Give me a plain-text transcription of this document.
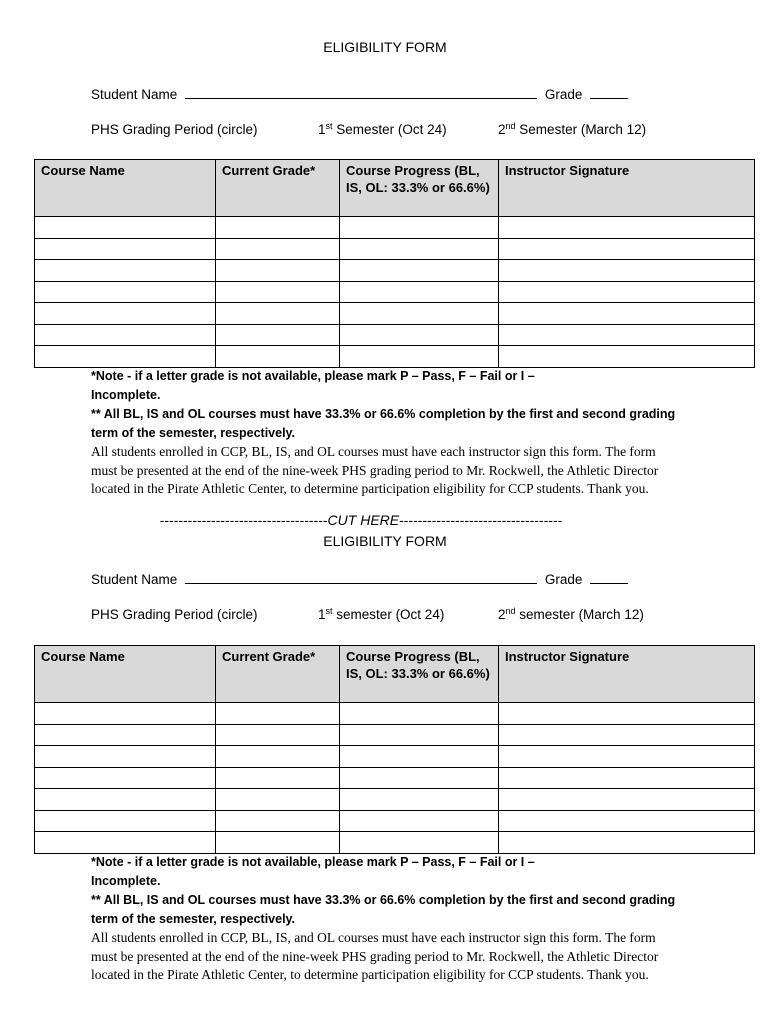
ELIGIBILITY FORM
Student Name	Grade
PHS Grading Period (circle)	1st Semester (Oct 24)	2nd Semester (March 12)
Course Name	Current Grade*	Course Progress (BL, IS, OL: 33.3% or 66.6%)	Instructor Signature

*Note - if a letter grade is not available, please mark P – Pass, F – Fail or I – Incomplete.

** All BL, IS and OL courses must have 33.3% or 66.6% completion by the first and second grading term of the semester, respectively.

All students enrolled in CCP, BL, IS, and OL courses must have each instructor sign this form. The form must be presented at the end of the nine-week PHS grading period to Mr. Rockwell, the Athletic Director located in the Pirate Athletic Center, to determine participation eligibility for CCP students. Thank you.

------------------------------------CUT HERE-----------------------------------
ELIGIBILITY FORM
Student Name	Grade
PHS Grading Period (circle)	1st semester (Oct 24)	2nd semester (March 12)
Course Name	Current Grade*	Course Progress (BL, IS, OL: 33.3% or 66.6%)	Instructor Signature

*Note - if a letter grade is not available, please mark P – Pass, F – Fail or I – Incomplete.

** All BL, IS and OL courses must have 33.3% or 66.6% completion by the first and second grading term of the semester, respectively.

All students enrolled in CCP, BL, IS, and OL courses must have each instructor sign this form. The form must be presented at the end of the nine-week PHS grading period to Mr. Rockwell, the Athletic Director located in the Pirate Athletic Center, to determine participation eligibility for CCP students. Thank you.
